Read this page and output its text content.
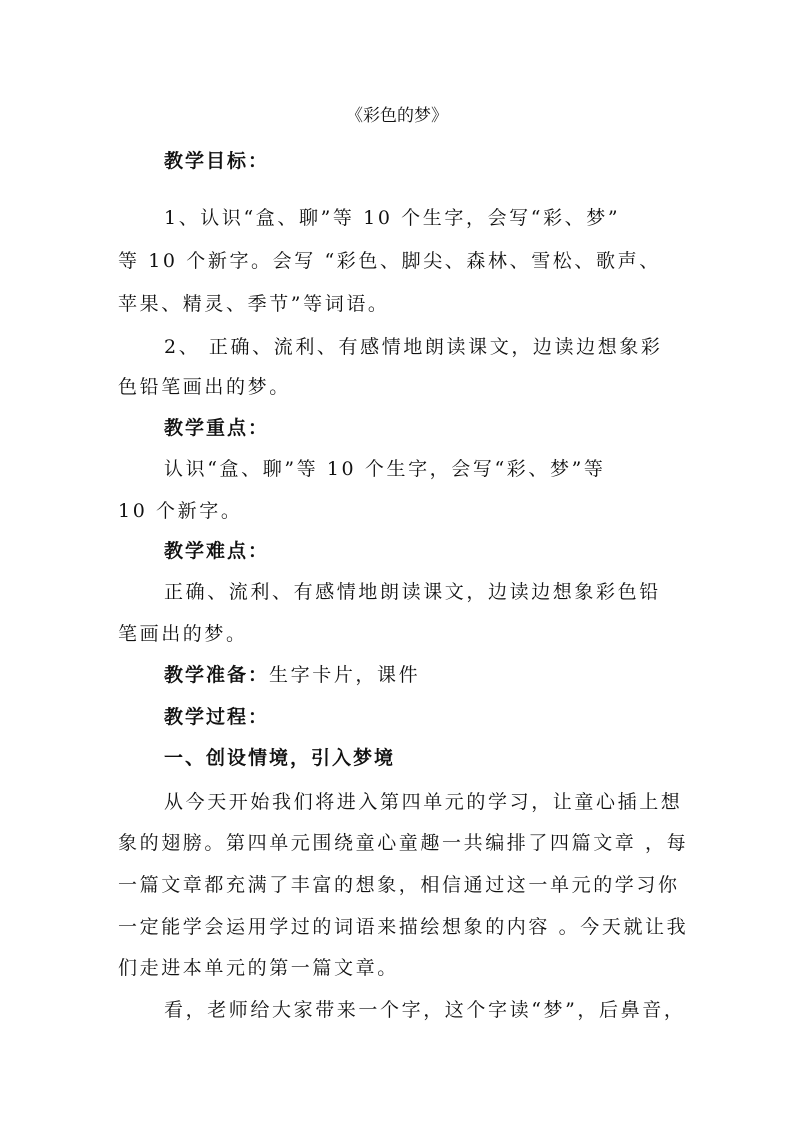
《彩色的梦》
教学目标：
1、认识“盒、聊”等 10 个生字，会写“彩、梦”
等 10 个新字。会写 “彩色、脚尖、森林、雪松、歌声、
苹果、精灵、季节”等词语。
2、 正确、流利、有感情地朗读课文，边读边想象彩
色铅笔画出的梦。
教学重点：
认识“盒、聊”等 10 个生字，会写“彩、梦”等
10 个新字。
教学难点：
正确、流利、有感情地朗读课文，边读边想象彩色铅
笔画出的梦。
教学准备：生字卡片，课件
教学过程：
一、创设情境，引入梦境
从今天开始我们将进入第四单元的学习，让童心插上想
象的翅膀。第四单元围绕童心童趣一共编排了四篇文章 ，每
一篇文章都充满了丰富的想象，相信通过这一单元的学习你
一定能学会运用学过的词语来描绘想象的内容 。今天就让我
们走进本单元的第一篇文章。
看，老师给大家带来一个字，这个字读“梦”，后鼻音，
